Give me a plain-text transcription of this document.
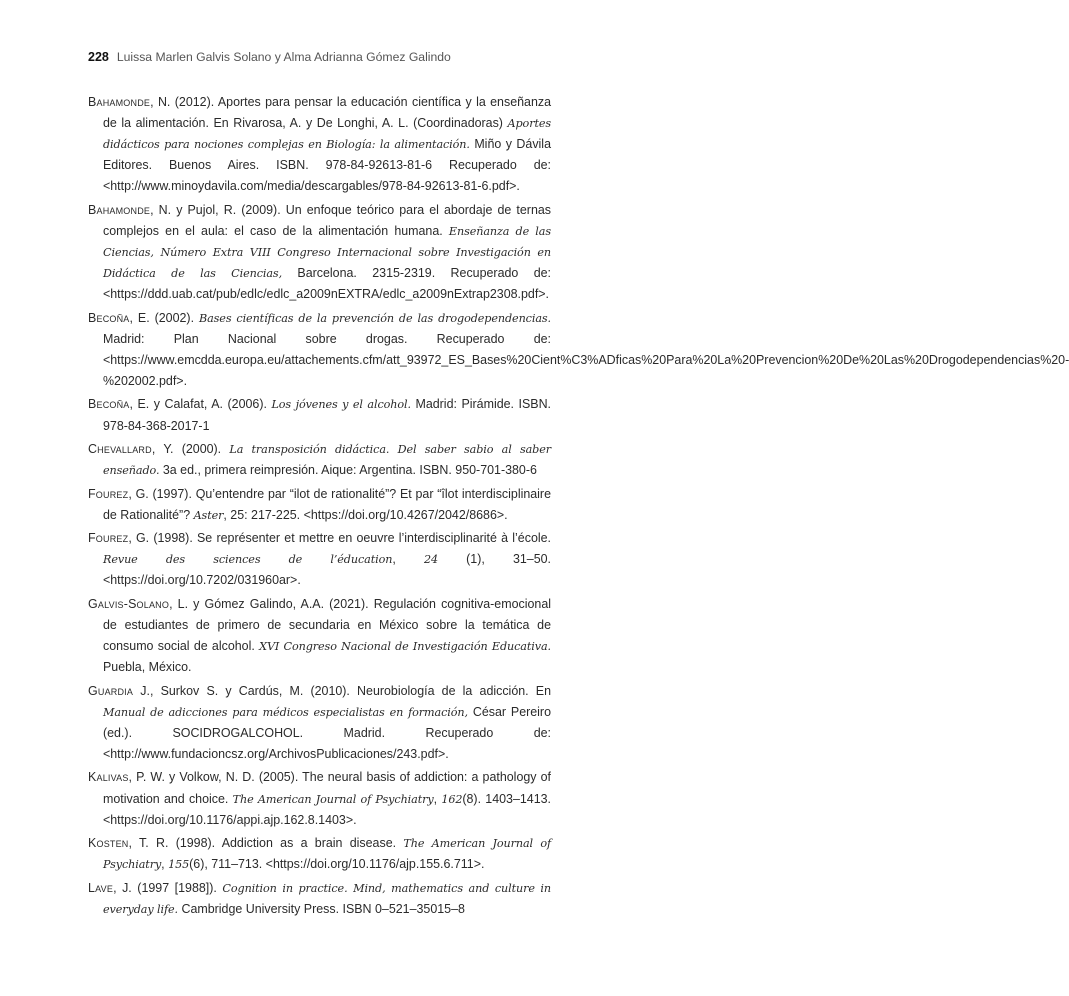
228 Luissa Marlen Galvis Solano y Alma Adrianna Gómez Galindo
Bahamonde, N. (2012). Aportes para pensar la educación científica y la enseñanza de la alimentación. En Rivarosa, A. y De Longhi, A. L. (Coordinadoras) Aportes didácticos para nociones complejas en Biología: la alimentación. Miño y Dávila Editores. Buenos Aires. ISBN. 978-84-92613-81-6 Recuperado de: <http://www.minoydavila.com/media/descargables/978-84-92613-81-6.pdf>.
Bahamonde, N. y Pujol, R. (2009). Un enfoque teórico para el abordaje de ternas complejos en el aula: el caso de la alimentación humana. Enseñanza de las Ciencias, Número Extra VIII Congreso Internacional sobre Investigación en Didáctica de las Ciencias, Barcelona. 2315-2319. Recuperado de: <https://ddd.uab.cat/pub/edlc/edlc_a2009nEXTRA/edlc_a2009nExtrap2308.pdf>.
Becoña, E. (2002). Bases científicas de la prevención de las drogodependencias. Madrid: Plan Nacional sobre drogas. Recuperado de: <https://www.emcdda.europa.eu/attachements.cfm/att_93972_ES_Bases%20Cient%C3%ADficas%20Para%20La%20Prevencion%20De%20Las%20Drogodependencias%20-%202002.pdf>.
Becoña, E. y Calafat, A. (2006). Los jóvenes y el alcohol. Madrid: Pirámide. ISBN. 978-84-368-2017-1
Chevallard, Y. (2000). La transposición didáctica. Del saber sabio al saber enseñado. 3a ed., primera reimpresión. Aique: Argentina. ISBN. 950-701-380-6
Fourez, G. (1997). Qu’entendre par “ilot de rationalité”? Et par “îlot interdisciplinaire de Rationalité”? Aster, 25: 217-225. <https://doi.org/10.4267/2042/8686>.
Fourez, G. (1998). Se représenter et mettre en oeuvre l’interdisciplinarité à l’école. Revue des sciences de l’éducation, 24 (1), 31–50. <https://doi.org/10.7202/031960ar>.
Galvis-Solano, L. y Gómez Galindo, A.A. (2021). Regulación cognitiva-emocional de estudiantes de primero de secundaria en México sobre la temática de consumo social de alcohol. XVI Congreso Nacional de Investigación Educativa. Puebla, México.
Guardia J., Surkov S. y Cardús, M. (2010). Neurobiología de la adicción. En Manual de adicciones para médicos especialistas en formación, César Pereiro (ed.). SOCIDROGALCOHOL. Madrid. Recuperado de: <http://www.fundacioncsz.org/ArchivosPublicaciones/243.pdf>.
Kalivas, P. W. y Volkow, N. D. (2005). The neural basis of addiction: a pathology of motivation and choice. The American Journal of Psychiatry, 162(8). 1403–1413. <https://doi.org/10.1176/appi.ajp.162.8.1403>.
Kosten, T. R. (1998). Addiction as a brain disease. The American Journal of Psychiatry, 155(6), 711–713. <https://doi.org/10.1176/ajp.155.6.711>.
Lave, J. (1997 [1988]). Cognition in practice. Mind, mathematics and culture in everyday life. Cambridge University Press. ISBN 0–521–35015–8
